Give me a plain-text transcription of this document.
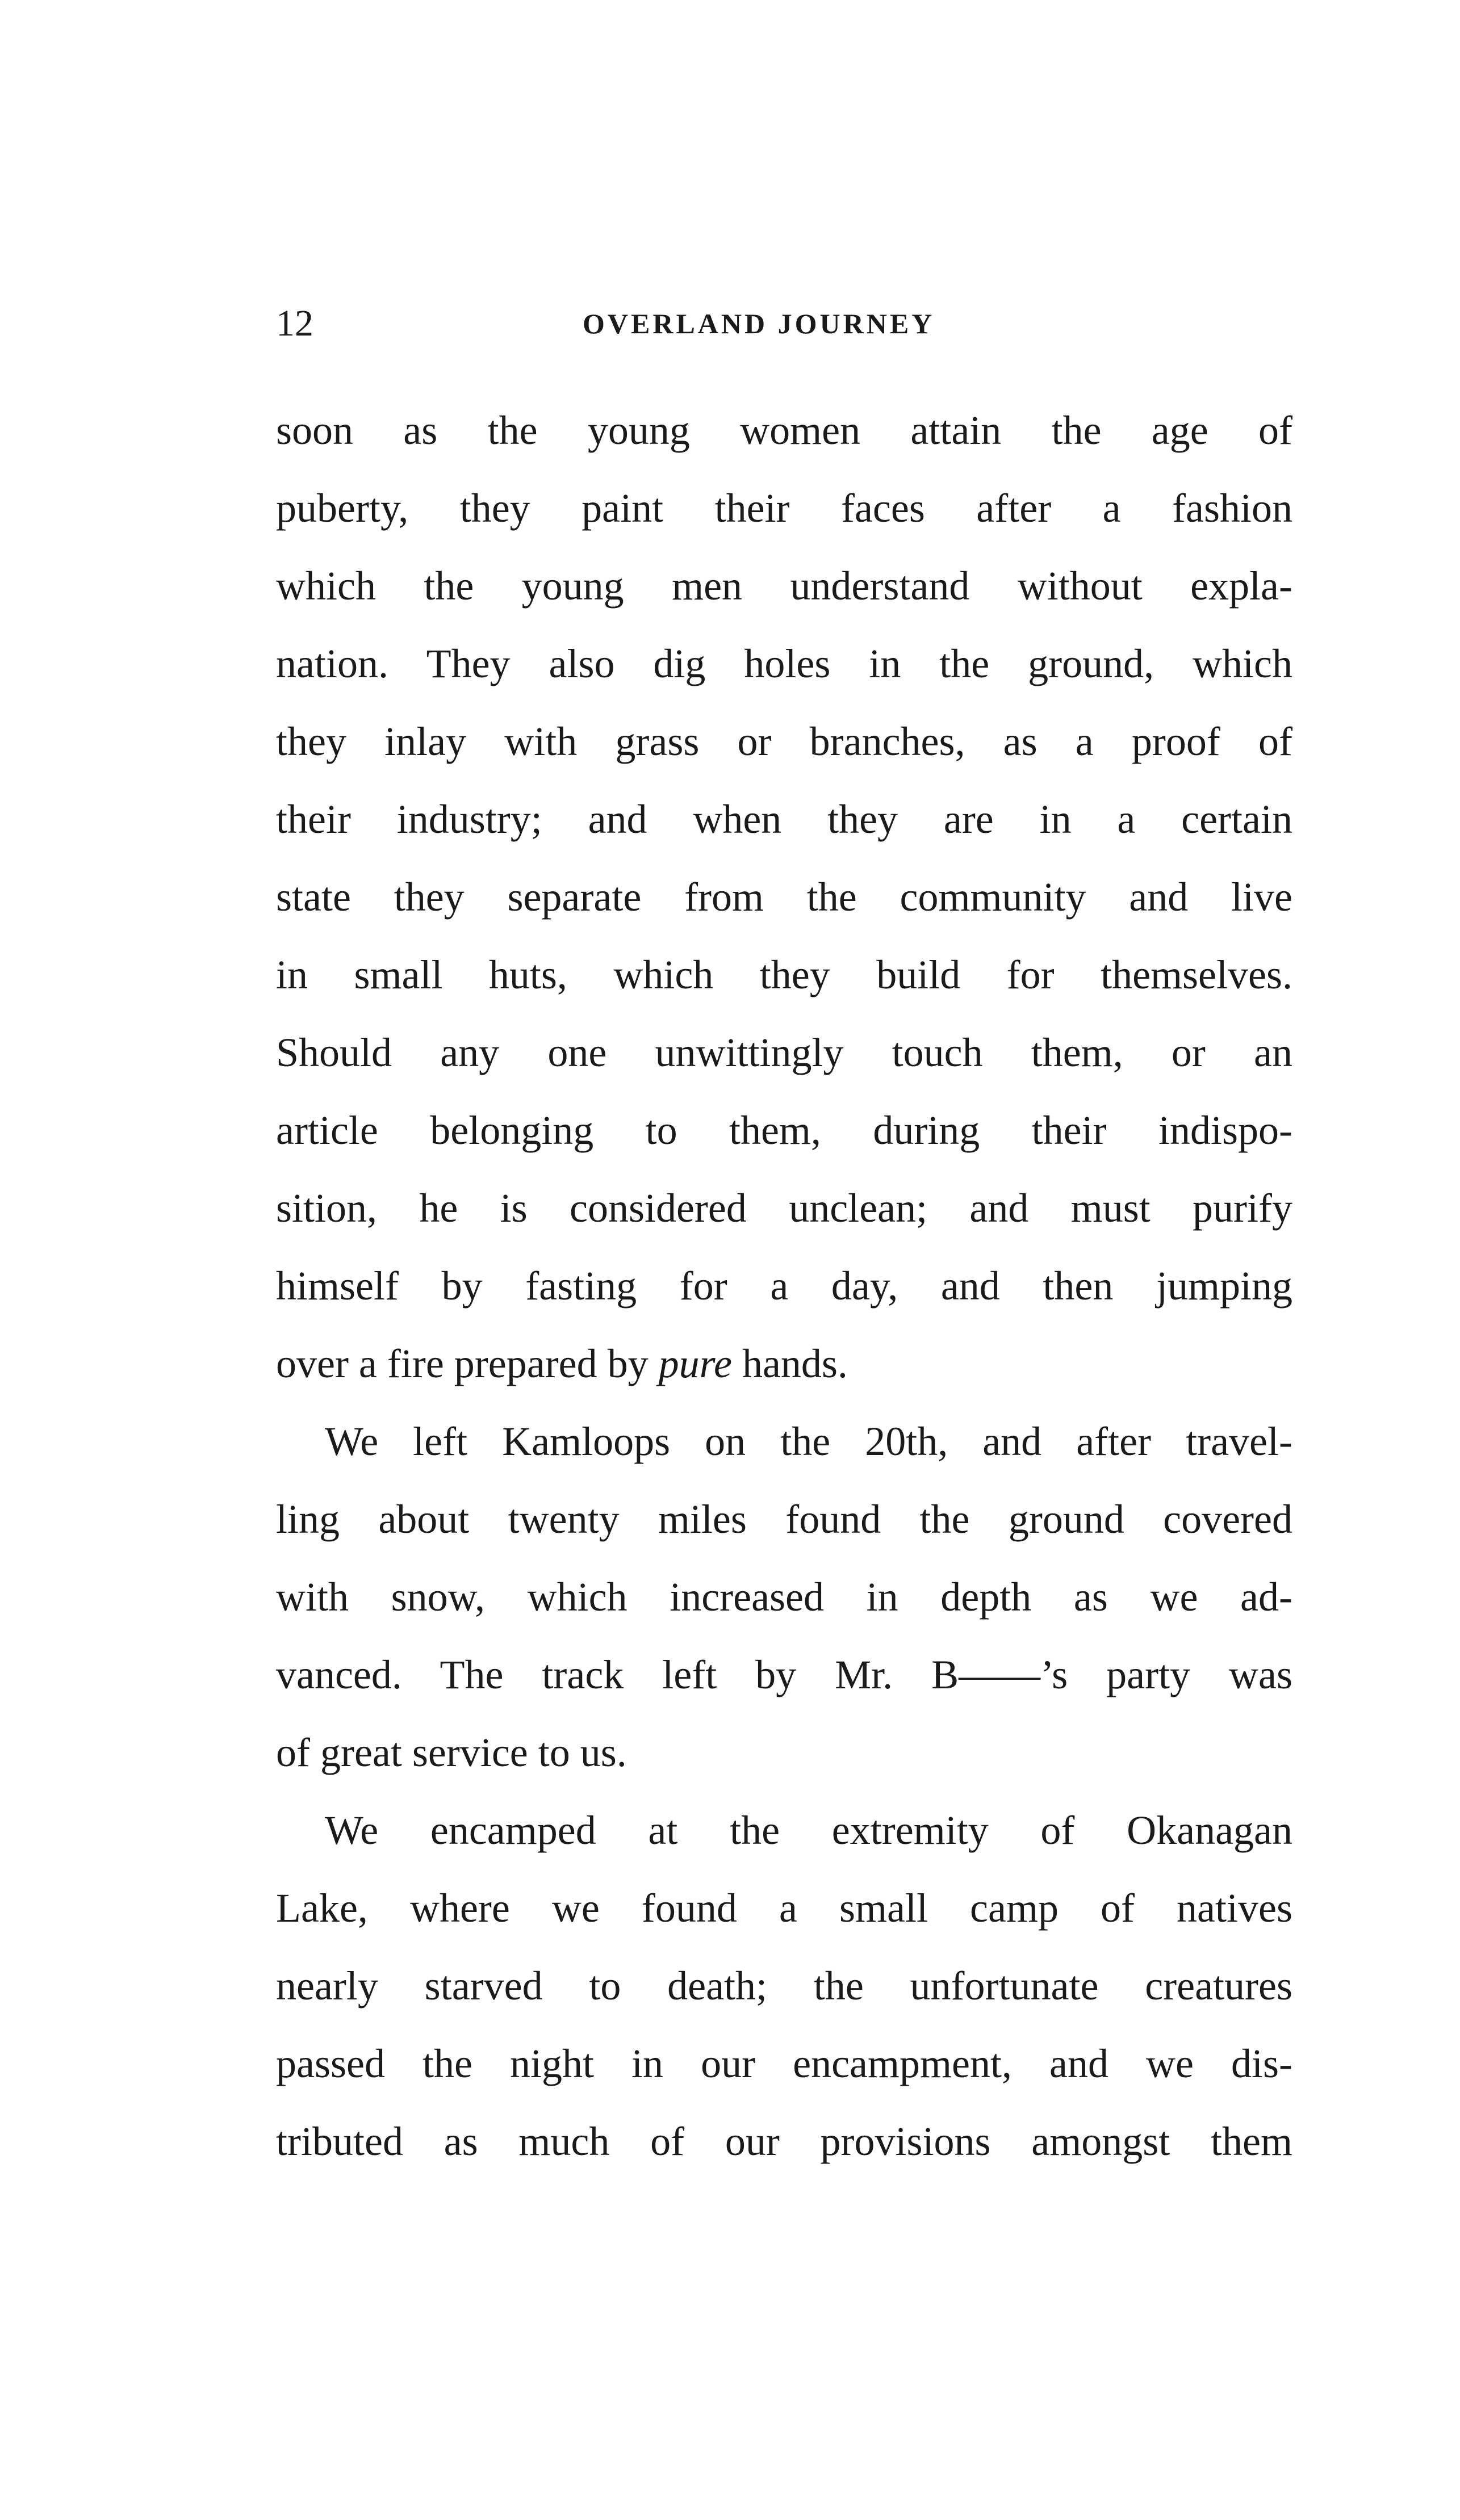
12	OVERLAND JOURNEY
soon as the young women attain the age of
puberty, they paint their faces after a fashion
which the young men understand without expla-
nation. They also dig holes in the ground, which
they inlay with grass or branches, as a proof of
their industry; and when they are in a certain
state they separate from the community and live
in small huts, which they build for themselves.
Should any one unwittingly touch them, or an
article belonging to them, during their indispo-
sition, he is considered unclean; and must purify
himself by fasting for a day, and then jumping
over a fire prepared by pure hands.
We left Kamloops on the 20th, and after travel-
ling about twenty miles found the ground covered
with snow, which increased in depth as we ad-
vanced. The track left by Mr. B——’s party was
of great service to us.
We encamped at the extremity of Okanagan
Lake, where we found a small camp of natives
nearly starved to death; the unfortunate creatures
passed the night in our encampment, and we dis-
tributed as much of our provisions amongst them
